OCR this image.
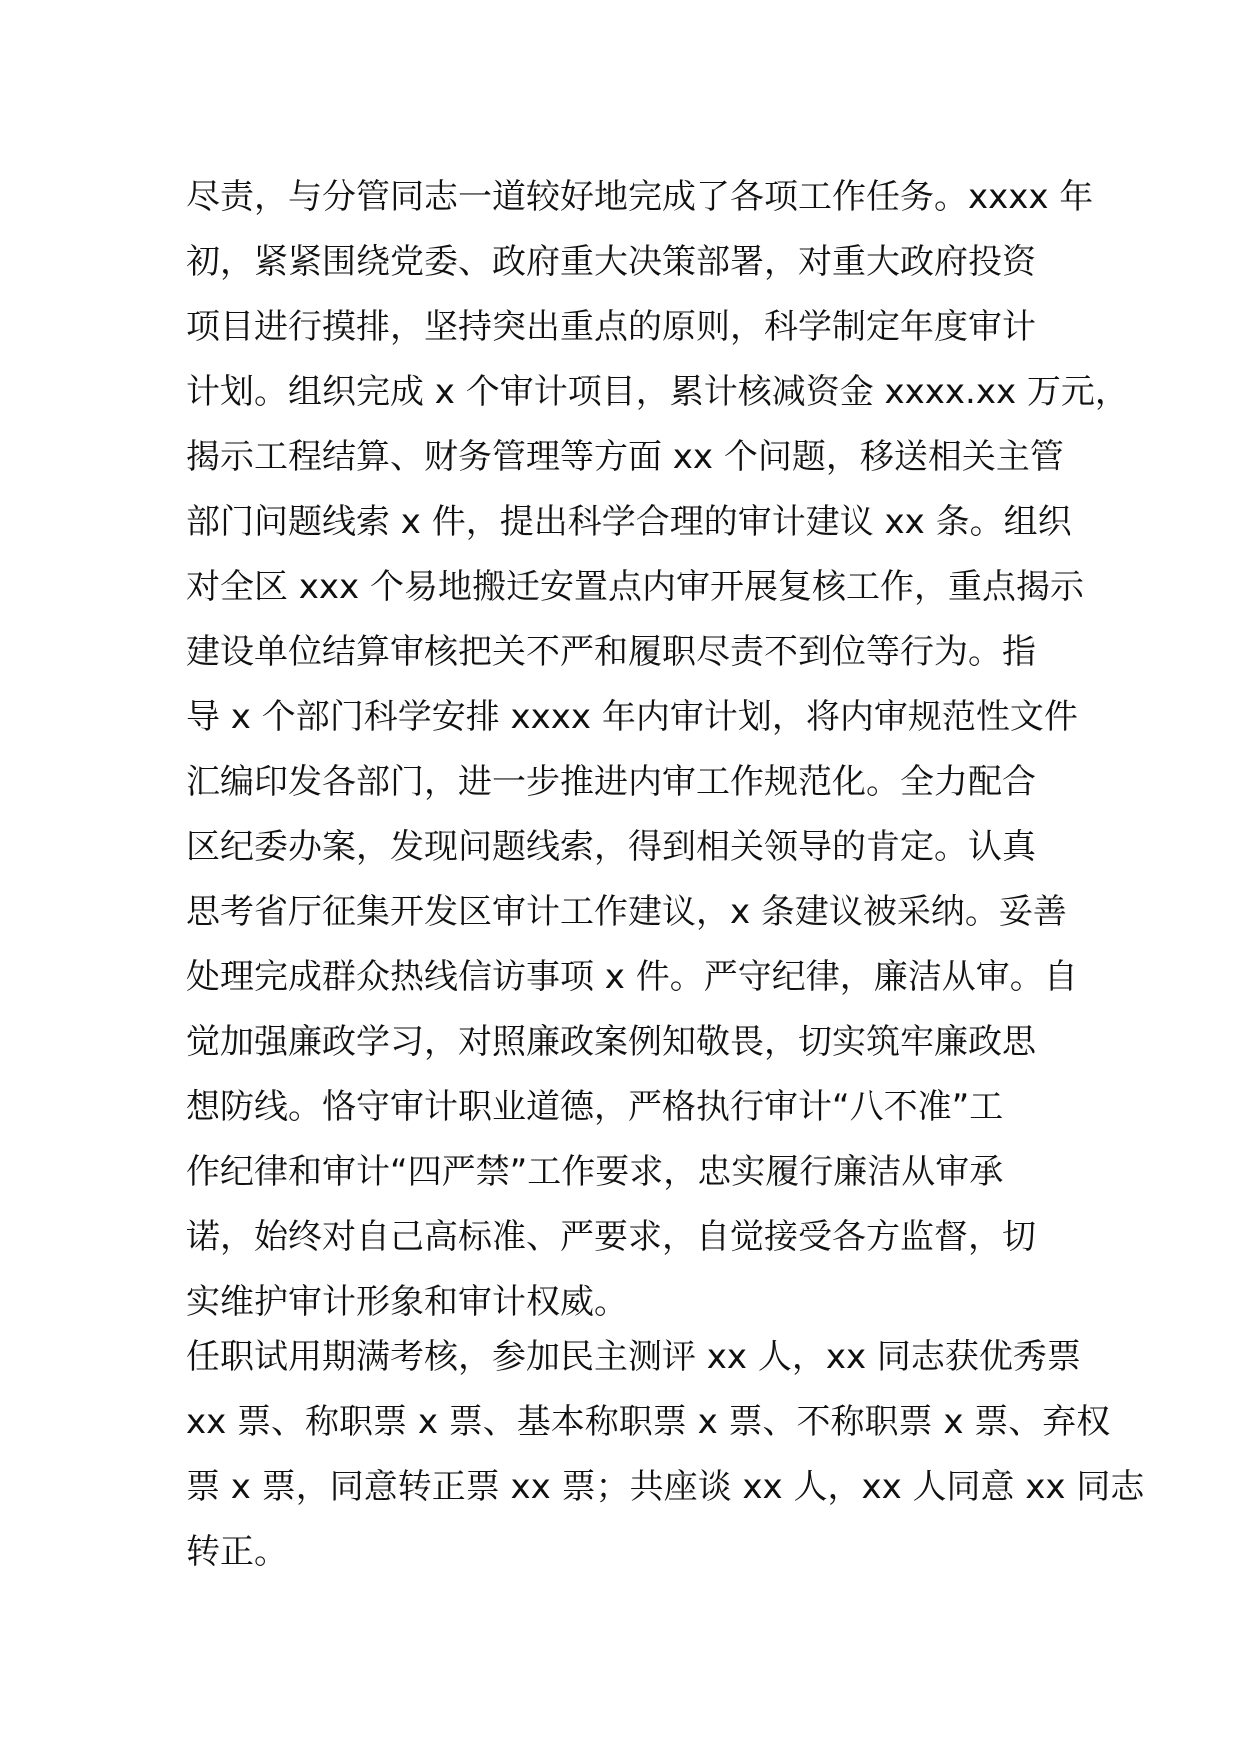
尽责，与分管同志一道较好地完成了各项工作任务。xxxx 年
初，紧紧围绕党委、政府重大决策部署，对重大政府投资
项目进行摸排，坚持突出重点的原则，科学制定年度审计
计划。组织完成 x 个审计项目，累计核减资金 xxxx.xx 万元，
揭示工程结算、财务管理等方面 xx 个问题，移送相关主管
部门问题线索 x 件，提出科学合理的审计建议 xx 条。组织
对全区 xxx 个易地搬迁安置点内审开展复核工作，重点揭示
建设单位结算审核把关不严和履职尽责不到位等行为。指
导 x 个部门科学安排 xxxx 年内审计划，将内审规范性文件
汇编印发各部门，进一步推进内审工作规范化。全力配合
区纪委办案，发现问题线索，得到相关领导的肯定。认真
思考省厅征集开发区审计工作建议，x 条建议被采纳。妥善
处理完成群众热线信访事项 x 件。严守纪律，廉洁从审。自
觉加强廉政学习，对照廉政案例知敬畏，切实筑牢廉政思
想防线。恪守审计职业道德，严格执行审计“八不准”工
作纪律和审计“四严禁”工作要求，忠实履行廉洁从审承
诺，始终对自己高标准、严要求，自觉接受各方监督，切
实维护审计形象和审计权威。
任职试用期满考核，参加民主测评 xx 人，xx 同志获优秀票
xx 票、称职票 x 票、基本称职票 x 票、不称职票 x 票、弃权
票 x 票，同意转正票 xx 票；共座谈 xx 人，xx 人同意 xx 同志
转正。
